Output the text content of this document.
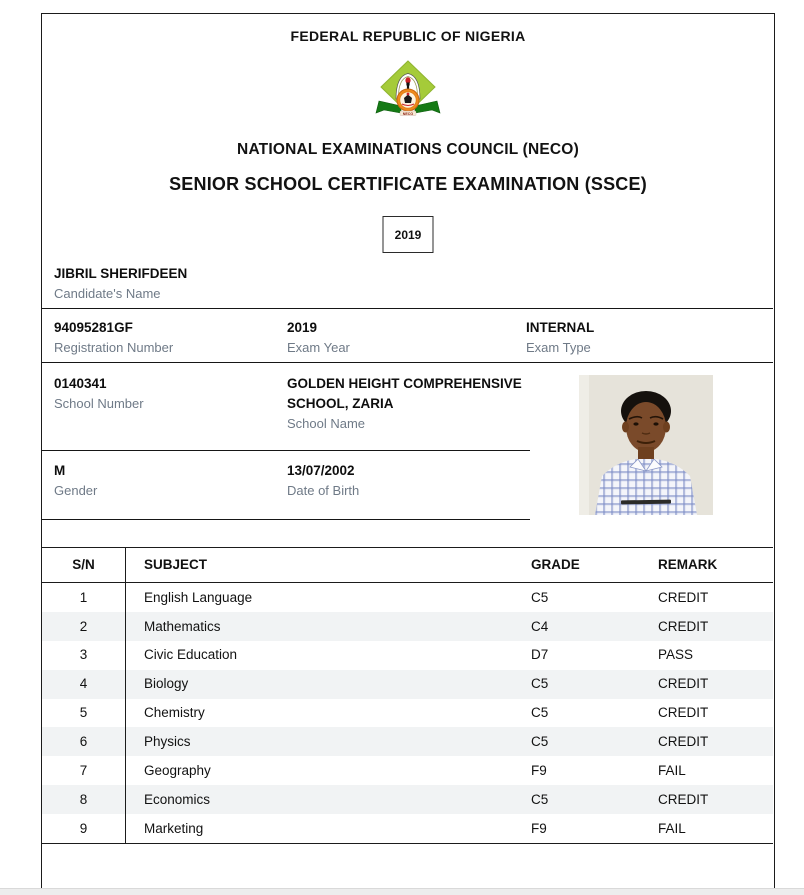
FEDERAL REPUBLIC OF NIGERIA
NECO
NATIONAL EXAMINATIONS COUNCIL (NECO)
SENIOR SCHOOL CERTIFICATE EXAMINATION (SSCE)
2019
JIBRIL SHERIFDEEN
Candidate's Name
94095281GF
Registration Number
2019
Exam Year
INTERNAL
Exam Type
0140341
School Number
GOLDEN HEIGHT COMPREHENSIVE SCHOOL, ZARIA
School Name
M
Gender
13/07/2002
Date of Birth
S/N	SUBJECT	GRADE	REMARK
1	English Language	C5	CREDIT
2	Mathematics	C4	CREDIT
3	Civic Education	D7	PASS
4	Biology	C5	CREDIT
5	Chemistry	C5	CREDIT
6	Physics	C5	CREDIT
7	Geography	F9	FAIL
8	Economics	C5	CREDIT
9	Marketing	F9	FAIL
